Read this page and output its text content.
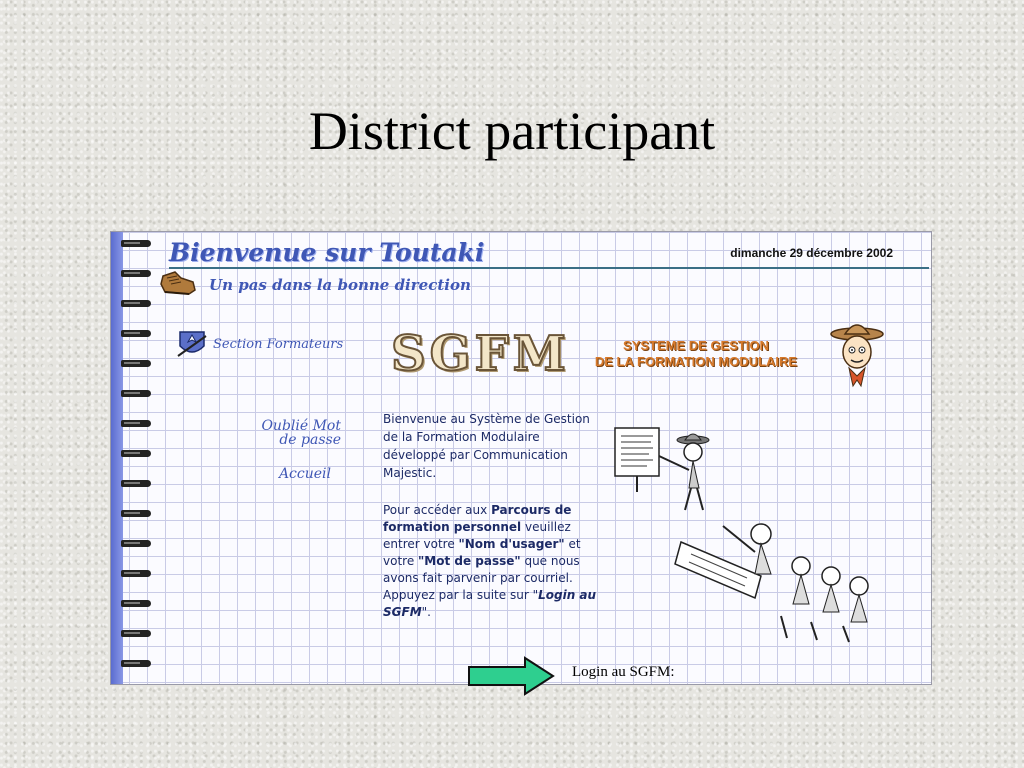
District participant
Bienvenue sur Toutaki	dimanche 29 décembre 2002
Un pas dans la bonne direction
Section Formateurs SGFM	SYSTEME DE GESTION
DE LA FORMATION MODULAIRE
Oublié Mot
de passe
Accueil
Bienvenue au Système de Gestion de la Formation Modulaire développé par Communication Majestic.
Pour accéder aux Parcours de formation personnel veuillez entrer votre "Nom d'usager" et votre "Mot de passe" que nous avons fait parvenir par courriel. Appuyez par la suite sur "Login au SGFM".
Login au SGFM:
